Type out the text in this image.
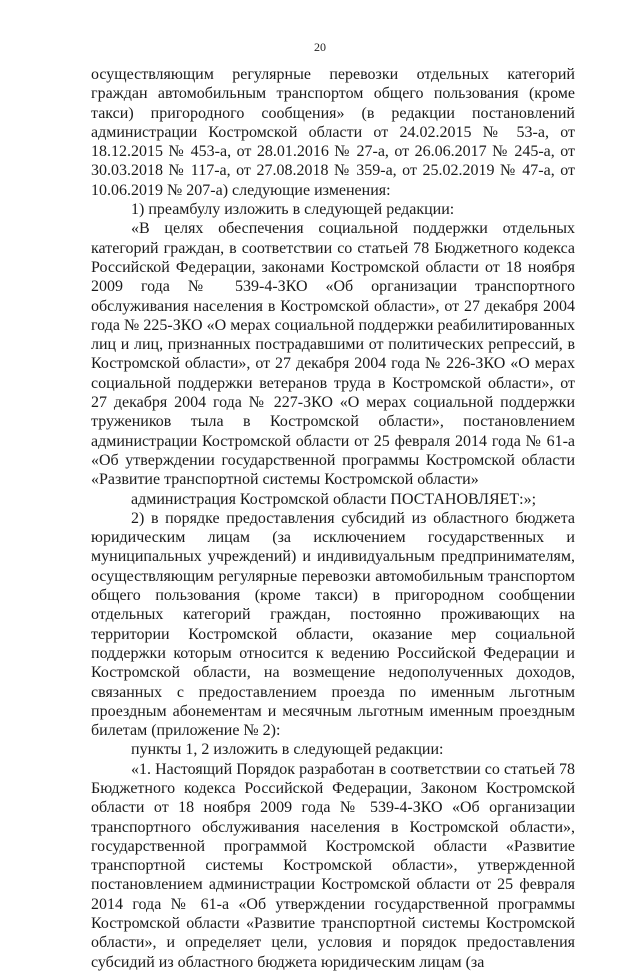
20

осуществляющим регулярные перевозки отдельных категорий граждан автомобильным транспортом общего пользования (кроме такси) пригородного сообщения» (в редакции постановлений администрации Костромской области от 24.02.2015 № 53-а, от 18.12.2015 № 453-а, от 28.01.2016 № 27-а, от 26.06.2017 № 245-а, от 30.03.2018 № 117-а, от 27.08.2018 № 359-а, от 25.02.2019 № 47-а, от 10.06.2019 № 207-а) следующие изменения:

1) преамбулу изложить в следующей редакции:

«В целях обеспечения социальной поддержки отдельных категорий граждан, в соответствии со статьей 78 Бюджетного кодекса Российской Федерации, законами Костромской области от 18 ноября 2009 года № 539-4-ЗКО «Об организации транспортного обслуживания населения в Костромской области», от 27 декабря 2004 года № 225-ЗКО «О мерах социальной поддержки реабилитированных лиц и лиц, признанных пострадавшими от политических репрессий, в Костромской области», от 27 декабря 2004 года № 226-ЗКО «О мерах социальной поддержки ветеранов труда в Костромской области», от 27 декабря 2004 года № 227-ЗКО «О мерах социальной поддержки тружеников тыла в Костромской области», постановлением администрации Костромской области от 25 февраля 2014 года № 61-а «Об утверждении государственной программы Костромской области «Развитие транспортной системы Костромской области»

администрация Костромской области ПОСТАНОВЛЯЕТ:»;

2) в порядке предоставления субсидий из областного бюджета юридическим лицам (за исключением государственных и муниципальных учреждений) и индивидуальным предпринимателям, осуществляющим регулярные перевозки автомобильным транспортом общего пользования (кроме такси) в пригородном сообщении отдельных категорий граждан, постоянно проживающих на территории Костромской области, оказание мер социальной поддержки которым относится к ведению Российской Федерации и Костромской области, на возмещение недополученных доходов, связанных с предоставлением проезда по именным льготным проездным абонементам и месячным льготным именным проездным билетам (приложение № 2):

пункты 1, 2 изложить в следующей редакции:

«1. Настоящий Порядок разработан в соответствии со статьей 78 Бюджетного кодекса Российской Федерации, Законом Костромской области от 18 ноября 2009 года № 539-4-ЗКО «Об организации транспортного обслуживания населения в Костромской области», государственной программой Костромской области «Развитие транспортной системы Костромской области», утвержденной постановлением администрации Костромской области от 25 февраля 2014 года № 61-а «Об утверждении государственной программы Костромской области «Развитие транспортной системы Костромской области», и определяет цели, условия и порядок предоставления субсидий из областного бюджета юридическим лицам (за
